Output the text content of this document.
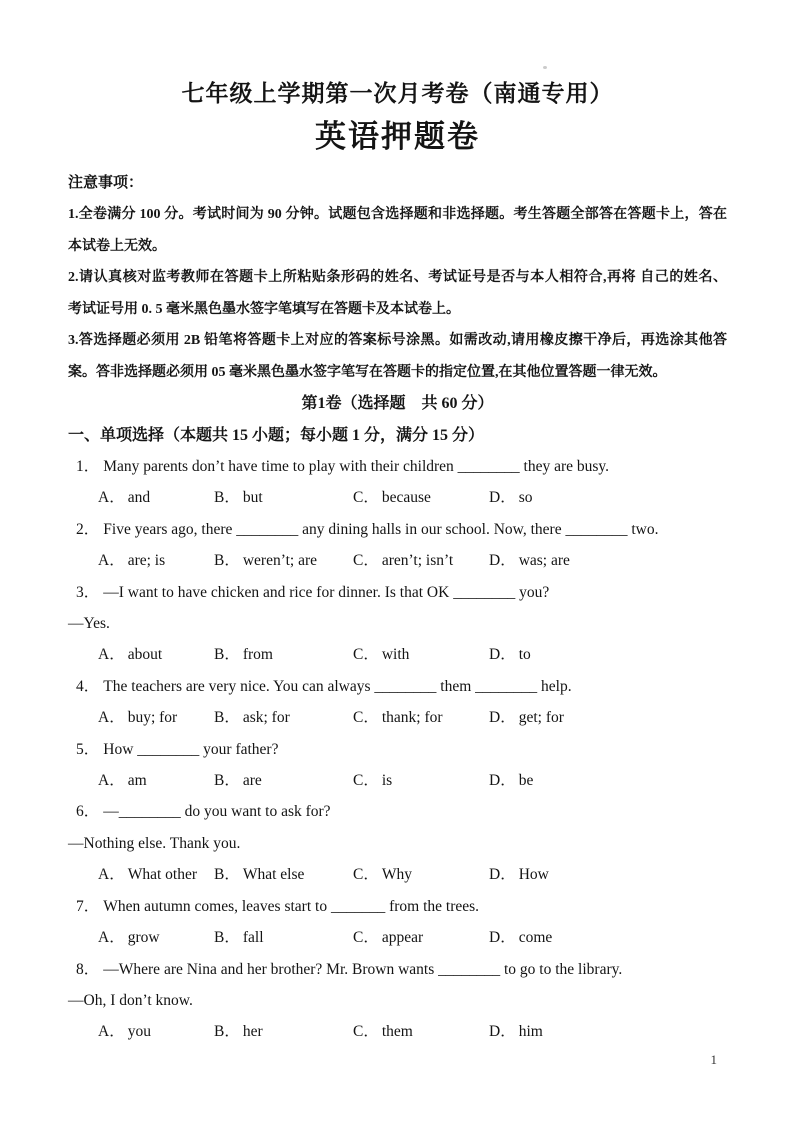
七年级上学期第一次月考卷（南通专用）

英语押题卷

注意事项：

1.全卷满分 100 分。考试时间为 90 分钟。试题包含选择题和非选择题。考生答题全部答在答题卡上，答在

本试卷上无效。

2.请认真核对监考教师在答题卡上所粘贴条形码的姓名、考试证号是否与本人相符合,再将 自己的姓名、

考试证号用 0. 5 毫米黑色墨水签字笔填写在答题卡及本试卷上。

3.答选择题必须用 2B 铅笔将答题卡上对应的答案标号涂黑。如需改动,请用橡皮擦干净后，再选涂其他答

案。答非选择题必须用 05 毫米黑色墨水签字笔写在答题卡的指定位置,在其他位置答题一律无效。

第1卷（选择题　共 60 分）

一、单项选择（本题共 15 小题；每小题 1 分，满分 15 分）

1． Many parents don’t have time to play with their children ________ they are busy.

A． and	B． but	C． because	D． so

2． Five years ago, there ________ any dining halls in our school. Now, there ________ two.

A． are; is	B． weren’t; are	C． aren’t; isn’t	D． was; are

3． —I want to have chicken and rice for dinner. Is that OK ________ you?

—Yes.

A． about	B． from	C． with	D． to

4． The teachers are very nice. You can always ________ them ________ help.

A． buy; for	B． ask; for	C． thank; for	D． get; for

5． How ________ your father?

A． am	B． are	C． is	D． be

6． —________ do you want to ask for?

—Nothing else. Thank you.

A． What other	B． What else	C． Why	D． How

7． When autumn comes, leaves start to _______ from the trees.

A． grow	B． fall	C． appear	D． come

8． —Where are Nina and her brother? Mr. Brown wants ________ to go to the library.

—Oh, I don’t know.

A． you	B． her	C． them	D． him

1
